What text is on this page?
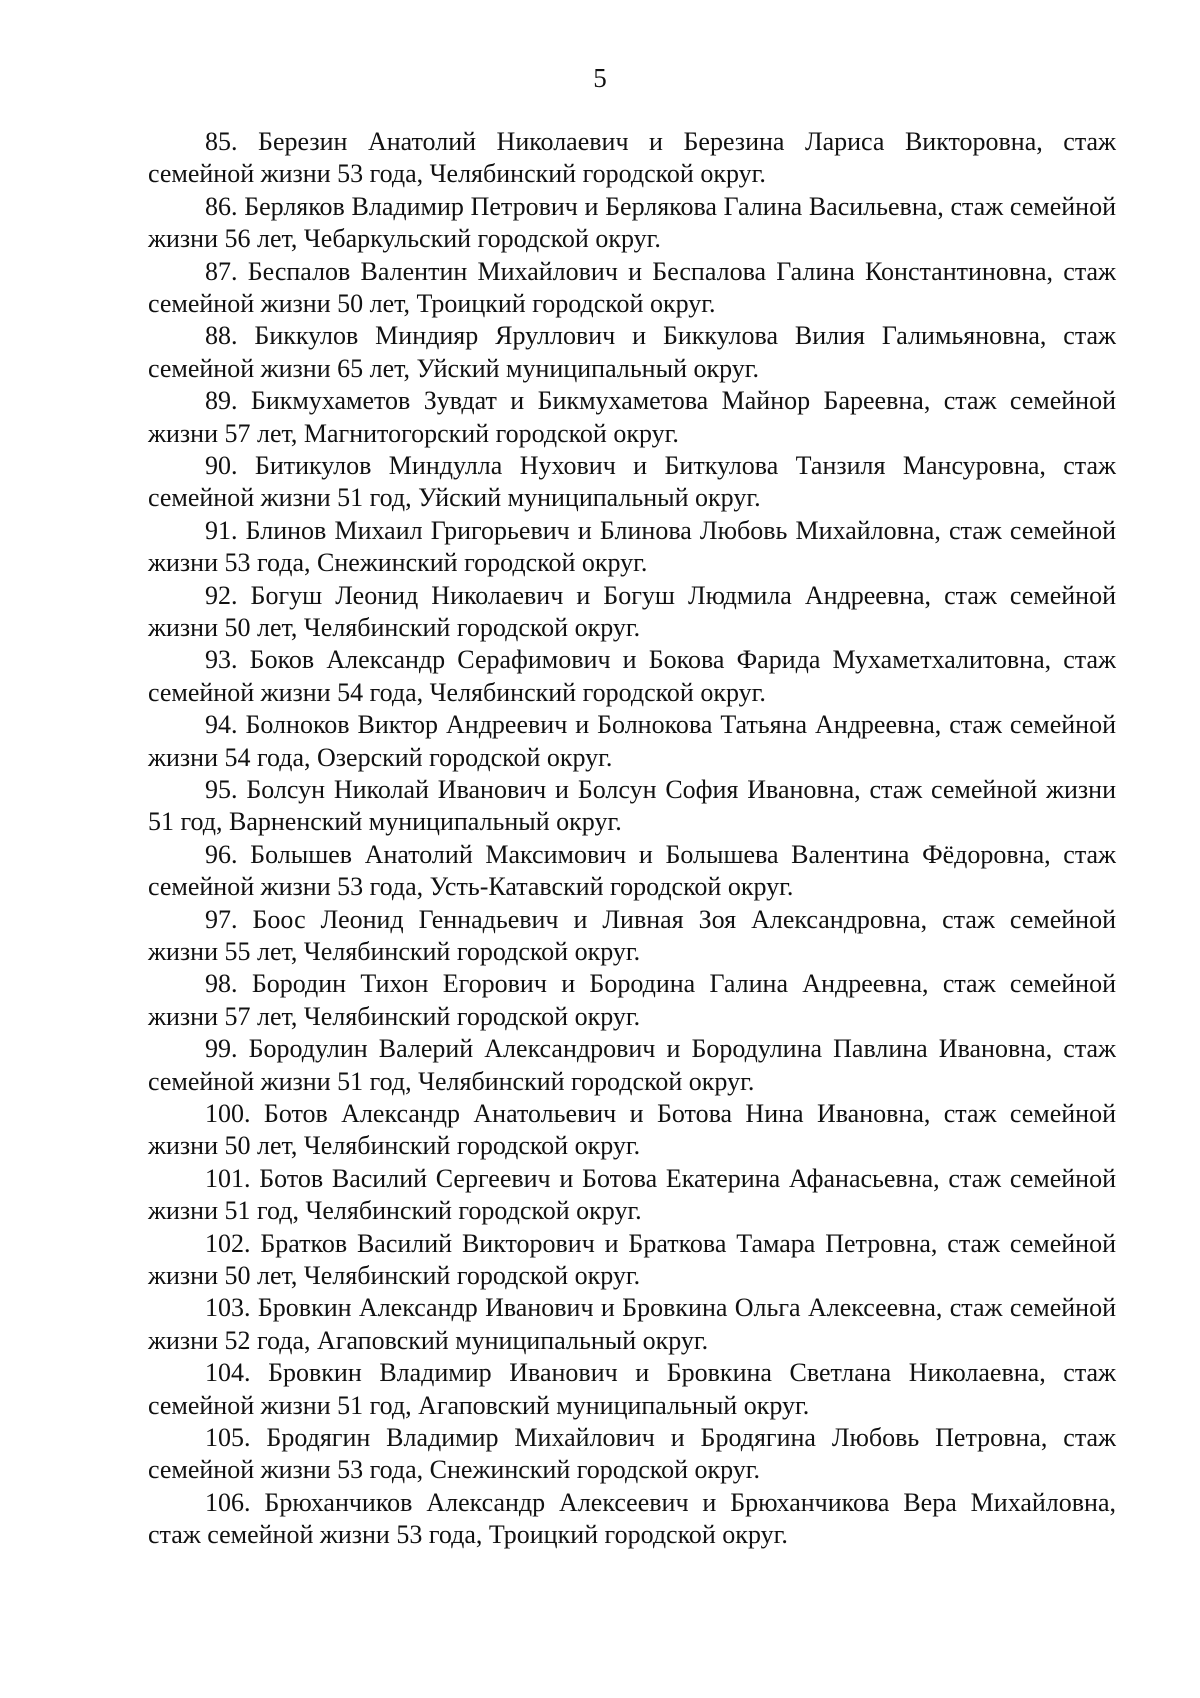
5
85. Березин Анатолий Николаевич и Березина Лариса Викторовна, стаж семейной жизни 53 года, Челябинский городской округ.
86. Берляков Владимир Петрович и Берлякова Галина Васильевна, стаж семейной жизни 56 лет, Чебаркульский городской округ.
87. Беспалов Валентин Михайлович и Беспалова Галина Константиновна, стаж семейной жизни 50 лет, Троицкий городской округ.
88. Биккулов Миндияр Яруллович и Биккулова Вилия Галимьяновна, стаж семейной жизни 65 лет, Уйский муниципальный округ.
89. Бикмухаметов Зувдат и Бикмухаметова Майнор Бареевна, стаж семейной жизни 57 лет, Магнитогорский городской округ.
90. Битикулов Миндулла Нухович и Биткулова Танзиля Мансуровна, стаж семейной жизни 51 год, Уйский муниципальный округ.
91. Блинов Михаил Григорьевич и Блинова Любовь Михайловна, стаж семейной жизни 53 года, Снежинский городской округ.
92. Богуш Леонид Николаевич и Богуш Людмила Андреевна, стаж семейной жизни 50 лет, Челябинский городской округ.
93. Боков Александр Серафимович и Бокова Фарида Мухаметхалитовна, стаж семейной жизни 54 года, Челябинский городской округ.
94. Болноков Виктор Андреевич и Болнокова Татьяна Андреевна, стаж семейной жизни 54 года, Озерский городской округ.
95. Болсун Николай Иванович и Болсун София Ивановна, стаж семейной жизни 51 год, Варненский муниципальный округ.
96. Болышев Анатолий Максимович и Болышева Валентина Фёдоровна, стаж семейной жизни 53 года, Усть-Катавский городской округ.
97. Боос Леонид Геннадьевич и Ливная Зоя Александровна, стаж семейной жизни 55 лет, Челябинский городской округ.
98. Бородин Тихон Егорович и Бородина Галина Андреевна, стаж семейной жизни 57 лет, Челябинский городской округ.
99. Бородулин Валерий Александрович и Бородулина Павлина Ивановна, стаж семейной жизни 51 год, Челябинский городской округ.
100. Ботов Александр Анатольевич и Ботова Нина Ивановна, стаж семейной жизни 50 лет, Челябинский городской округ.
101. Ботов Василий Сергеевич и Ботова Екатерина Афанасьевна, стаж семейной жизни 51 год, Челябинский городской округ.
102. Братков Василий Викторович и Браткова Тамара Петровна, стаж семейной жизни 50 лет, Челябинский городской округ.
103. Бровкин Александр Иванович и Бровкина Ольга Алексеевна, стаж семейной жизни 52 года, Агаповский муниципальный округ.
104. Бровкин Владимир Иванович и Бровкина Светлана Николаевна, стаж семейной жизни 51 год, Агаповский муниципальный округ.
105. Бродягин Владимир Михайлович и Бродягина Любовь Петровна, стаж семейной жизни 53 года, Снежинский городской округ.
106. Брюханчиков Александр Алексеевич и Брюханчикова Вера Михайловна, стаж семейной жизни 53 года, Троицкий городской округ.
